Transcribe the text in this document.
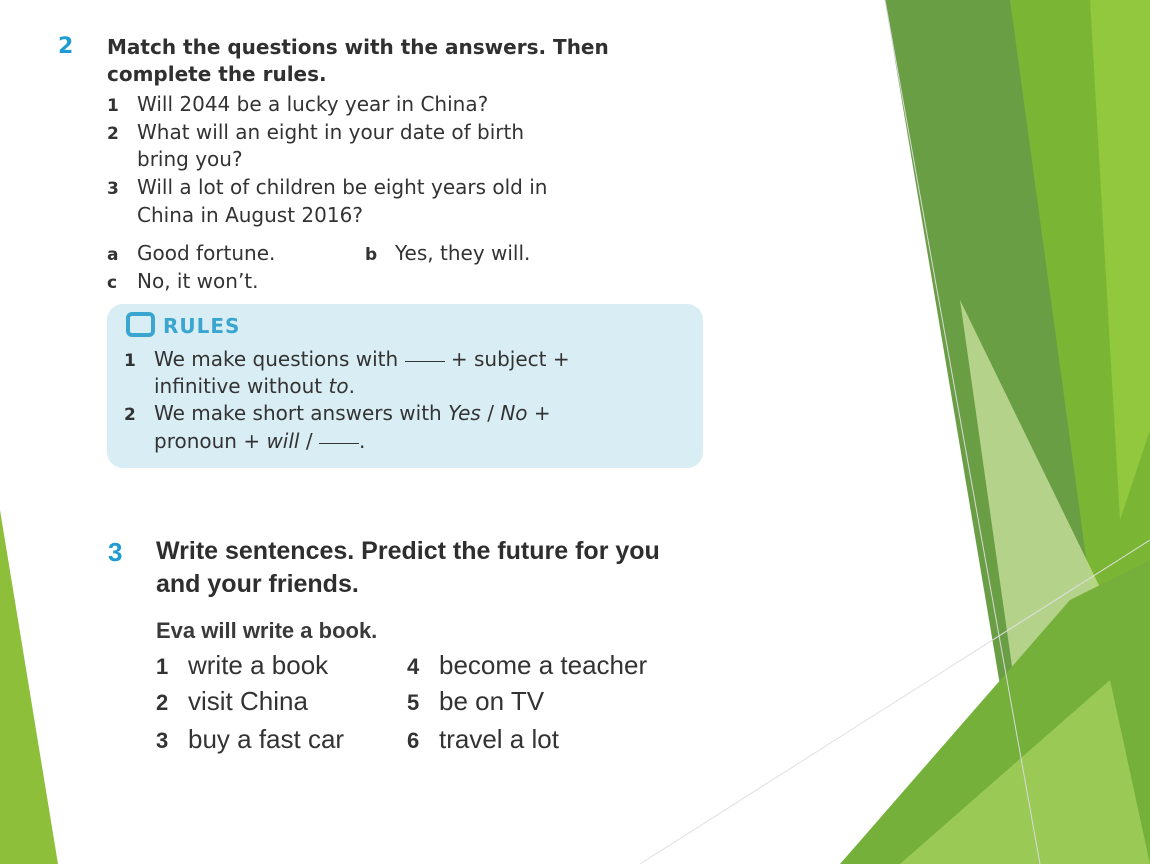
2 Match the questions with the answers. Then
complete the rules.
1 Will 2044 be a lucky year in China?
2 What will an eight in your date of birth
bring you?
3 Will a lot of children be eight years old in
China in August 2016?
a Good fortune.	b Yes, they will.
c No, it won’t.
RULES
1 We make questions with	+ subject +
infinitive without to.
2 We make short answers with Yes / No +
pronoun + will / .
3 Write sentences. Predict the future for you
and your friends.
Eva will write a book.
1 write a book
2 visit China
3 buy a fast car
4 become a teacher
5 be on TV
6 travel a lot
